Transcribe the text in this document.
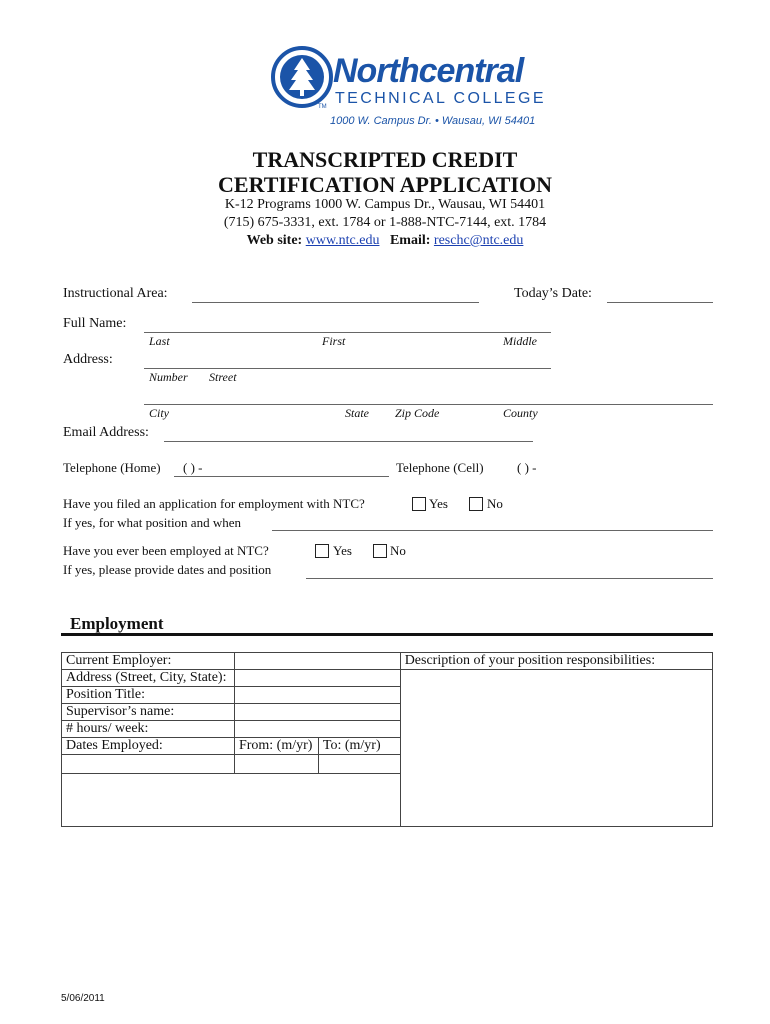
TM
Northcentral
TECHNICAL COLLEGE
1000 W. Campus Dr. • Wausau, WI 54401
TRANSCRIPTED CREDIT
CERTIFICATION APPLICATION
K-12 Programs 1000 W. Campus Dr., Wausau, WI 54401
(715) 675-3331, ext. 1784 or 1-888-NTC-7144, ext. 1784
Web site: www.ntc.edu Email: reschc@ntc.edu
Instructional Area:	Today’s Date:
Full Name:
Last	First	Middle
Address:
Number Street
City	State Zip Code	County
Email Address:
Telephone (Home) ( ) -	Telephone (Cell)	( ) -
Have you filed an application for employment with NTC?	Yes	No
If yes, for what position and when
Have you ever been employed at NTC?	Yes	No
If yes, please provide dates and position
Employment
Current Employer:			Description of your position responsibilities:
Address (Street, City, State):			
Position Title:			
Supervisor’s name:			
# hours/ week:			
Dates Employed:	From: (m/yr)	To: (m/yr)	

5/06/2011
